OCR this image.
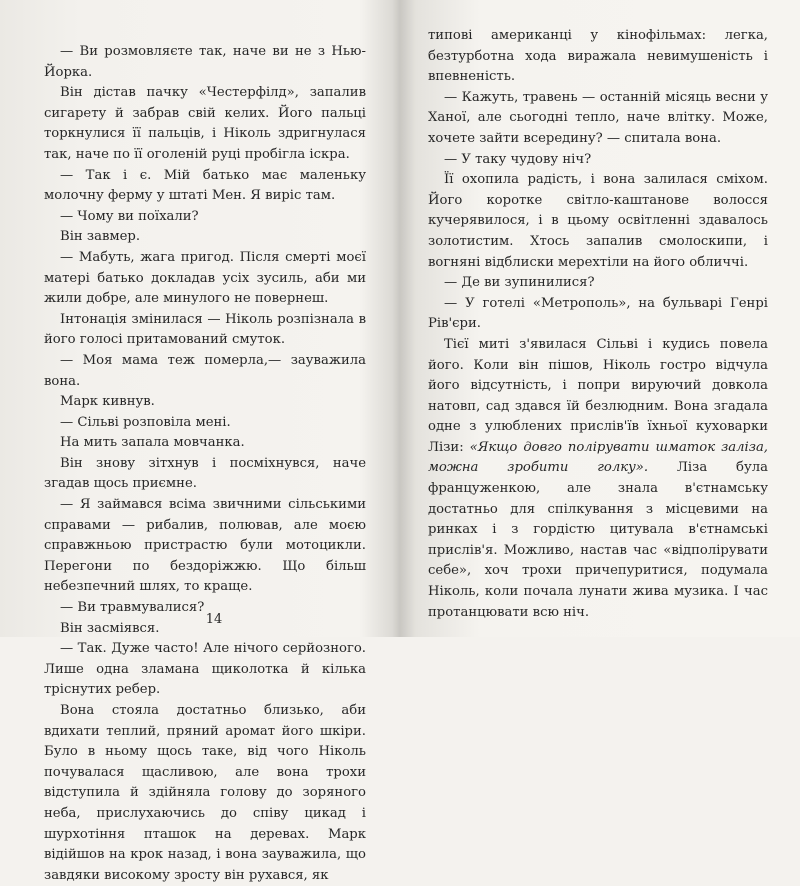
— Ви розмовляєте так, наче ви не з Нью-Йорка.

Він дістав пачку «Честерфілд», запалив сигарету й забрав свій келих. Його пальці торкнулися її пальців, і Ніколь здригнулася так, наче по її оголеній руці пробігла іскра.

— Так і є. Мій батько має маленьку молочну ферму у штаті Мен. Я виріс там.

— Чому ви поїхали?

Він завмер.

— Мабуть, жага пригод. Після смерті моєї матері батько докладав усіх зусиль, аби ми жили добре, але минулого не повернеш.

Інтонація змінилася — Ніколь розпізнала в його голосі притамований смуток.

— Моя мама теж померла,— зауважила вона.

Марк кивнув.

— Сільві розповіла мені.

На мить запала мовчанка.

Він знову зітхнув і посміхнувся, наче згадав щось приємне.

— Я займався всіма звичними сільськими справами — рибалив, полював, але моєю справжньою пристрастю були мотоцикли. Перегони по бездоріжжю. Що більш небезпечний шлях, то краще.

— Ви травмувалися?

Він засміявся.

— Так. Дуже часто! Але нічого серйозного. Лише одна зламана щиколотка й кілька тріснутих ребер.

Вона стояла достатньо близько, аби вдихати теплий, пряний аромат його шкіри. Було в ньому щось таке, від чого Ніколь почувалася щасливою, але вона трохи відступила й здійняла голову до зоряного неба, прислухаючись до співу цикад і шурхотіння пташок на деревах. Марк відійшов на крок назад, і вона зауважила, що завдяки високому зросту він рухався, як

14

типові американці у кінофільмах: легка, безтурботна хода виражала невимушеність і впевненість.

— Кажуть, травень — останній місяць весни у Ханої, але сьогодні тепло, наче влітку. Може, хочете зайти всередину? — спитала вона.

— У таку чудову ніч?

Її охопила радість, і вона залилася сміхом. Його коротке світло-каштанове волосся кучерявилося, і в цьому освітленні здавалось золотистим. Хтось запалив смолоскипи, і вогняні відблиски мерехтіли на його обличчі.

— Де ви зупинилися?

— У готелі «Метрополь», на бульварі Генрі Рів'єри.

Тієї миті з'явилася Сільві і кудись повела його. Коли він пішов, Ніколь гостро відчула його відсутність, і попри вируючий довкола натовп, сад здався їй безлюдним. Вона згадала одне з улюблених прислів'їв їхньої куховарки Лізи: «Якщо довго полірувати шматок заліза, можна зробити голку». Ліза була француженкою, але знала в'єтнамську достатньо для спілкування з місцевими на ринках і з гордістю цитувала в'єтнамські прислів'я. Можливо, настав час «відполірувати себе», хоч трохи причепуритися, подумала Ніколь, коли почала лунати жива музика. І час протанцювати всю ніч.
